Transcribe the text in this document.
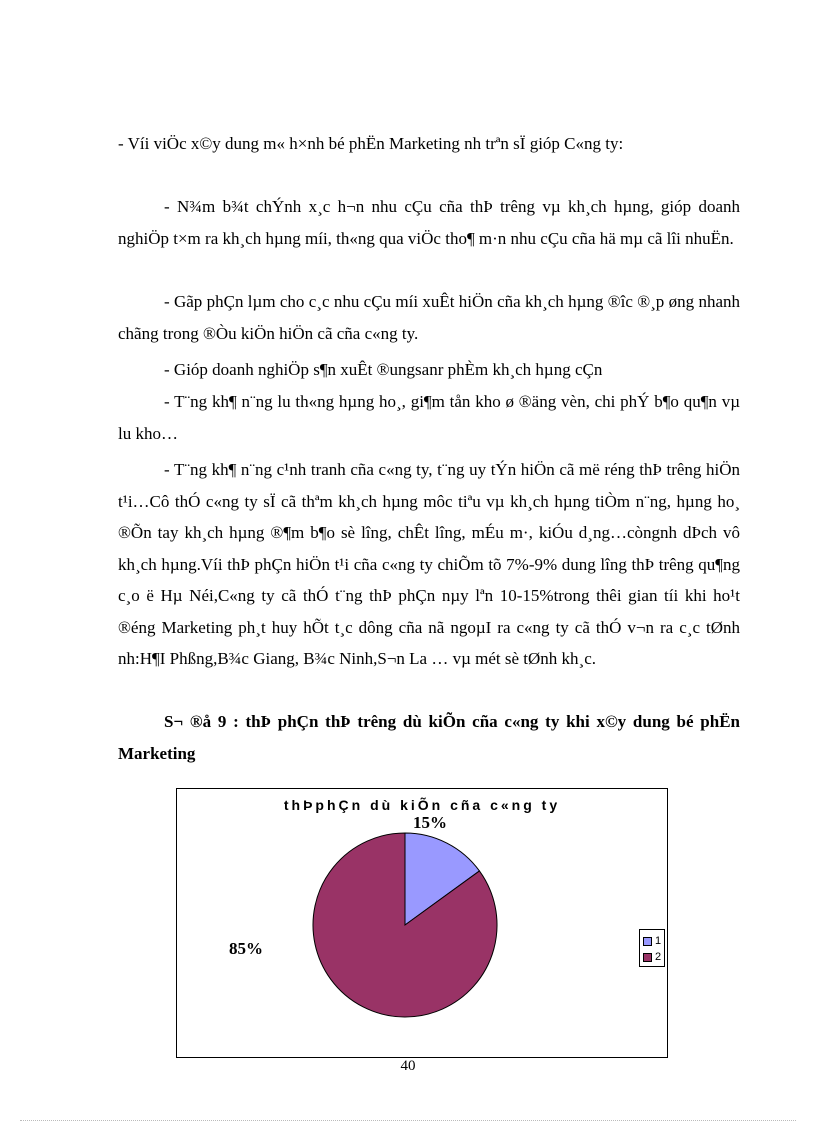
- Víi viÖc x©y dung m« h×nh bé phËn Marketing nh trªn sÏ gióp C«ng ty:

- N¾m b¾t chÝnh x¸c h¬n nhu cÇu cña thÞ trêng vµ kh¸ch hµng, gióp doanh nghiÖp t×m ra kh¸ch hµng míi, th«ng qua viÖc tho¶ m·n nhu cÇu cña hä mµ cã lîi nhuËn.

- Gãp phÇn lµm cho c¸c nhu cÇu míi xuÊt hiÖn cña kh¸ch hµng ®îc ®¸p øng nhanh chãng trong ®Òu kiÖn hiÖn cã cña c«ng ty.

- Gióp doanh nghiÖp s¶n xuÊt ®ungsanr phÈm kh¸ch hµng cÇn

- T¨ng kh¶ n¨ng lu th«ng hµng ho¸, gi¶m tån kho ø ®äng vèn, chi phÝ b¶o qu¶n vµ lu kho…

- T¨ng kh¶ n¨ng c¹nh tranh cña c«ng ty, t¨ng uy tÝn hiÖn cã më réng thÞ trêng hiÖn t¹i…Cô thÓ c«ng ty sÏ cã thªm kh¸ch hµng môc tiªu vµ kh¸ch hµng tiÒm n¨ng, hµng ho¸ ®Õn tay kh¸ch hµng ®¶m b¶o sè lîng, chÊt lîng, mÉu m·, kiÓu d¸ng…còngnh dÞch vô kh¸ch hµng.Víi thÞ phÇn hiÖn t¹i cña c«ng ty chiÕm tõ 7%-9% dung lîng thÞ trêng qu¶ng c¸o ë Hµ Néi,C«ng ty cã thÓ t¨ng thÞ phÇn nµy lªn 10-15%trong thêi gian tíi khi ho¹t ®éng Marketing ph¸t huy hÕt t¸c dông cña nã ngoµI ra c«ng ty cã thÓ v¬n ra c¸c tØnh nh:H¶I Phßng,B¾c Giang, B¾c Ninh,S¬n La … vµ mét sè tØnh kh¸c.

S¬ ®å 9 : thÞ phÇn thÞ trêng dù kiÕn cña c«ng ty khi x©y dung bé phËn Marketing

thÞphÇn dù kiÕn cña c«ng ty
15%
85%	1
2
40
